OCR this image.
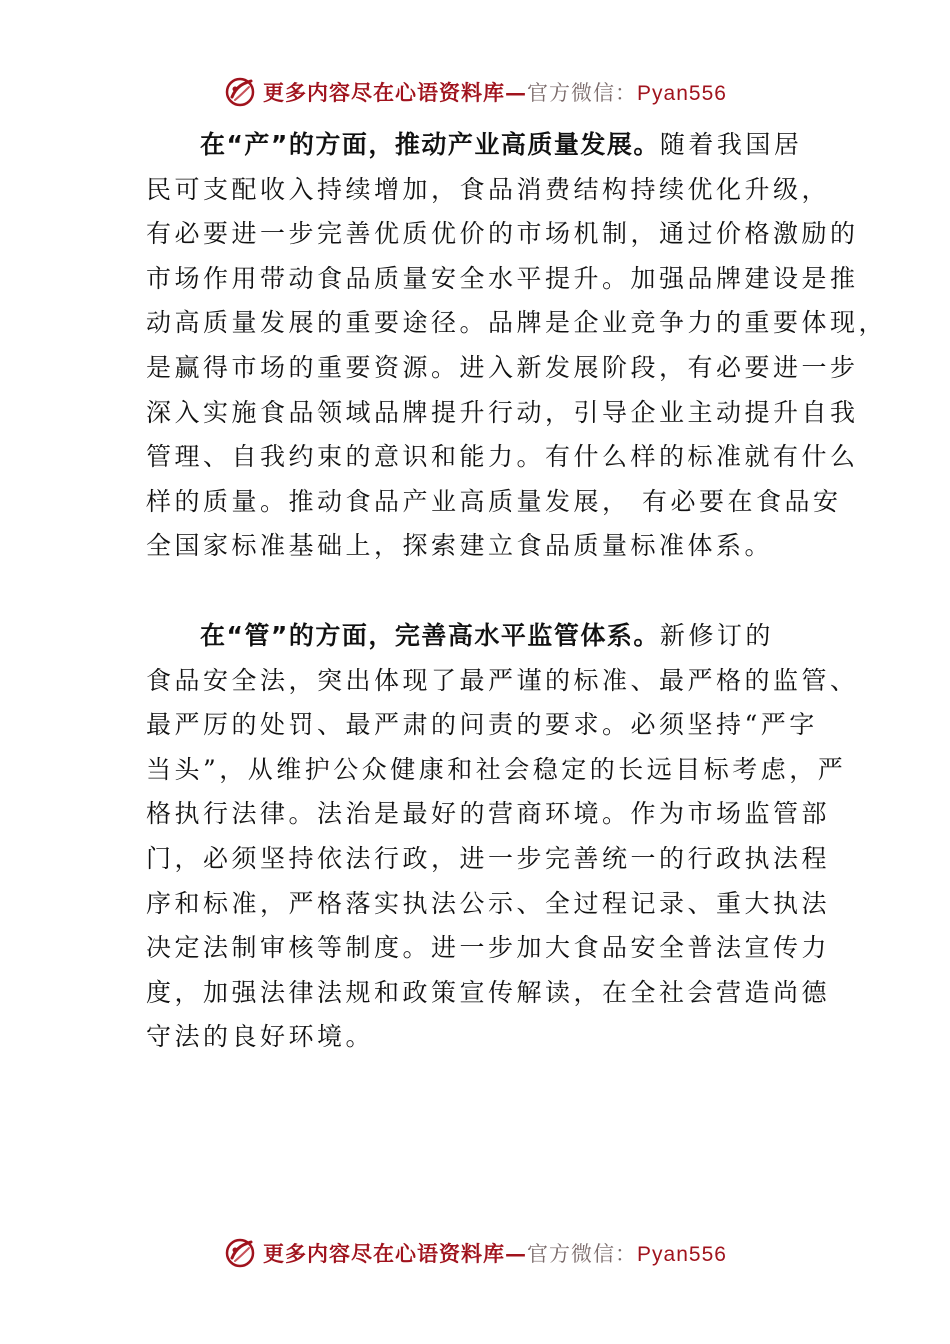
更多内容尽在心语资料库—官方微信：Pyan556

在“产”的方面，推动产业高质量发展。随着我国居
民可支配收入持续增加，食品消费结构持续优化升级，
有必要进一步完善优质优价的市场机制，通过价格激励的
市场作用带动食品质量安全水平提升。加强品牌建设是推
动高质量发展的重要途径。品牌是企业竞争力的重要体现，
是赢得市场的重要资源。进入新发展阶段，有必要进一步
深入实施食品领域品牌提升行动，引导企业主动提升自我
管理、自我约束的意识和能力。有什么样的标准就有什么
样的质量。推动食品产业高质量发展， 有必要在食品安
全国家标准基础上，探索建立食品质量标准体系。

在“管”的方面，完善高水平监管体系。新修订的
食品安全法，突出体现了最严谨的标准、最严格的监管、
最严厉的处罚、最严肃的问责的要求。必须坚持“严字
当头”，从维护公众健康和社会稳定的长远目标考虑，严
格执行法律。法治是最好的营商环境。作为市场监管部
门，必须坚持依法行政，进一步完善统一的行政执法程
序和标准，严格落实执法公示、全过程记录、重大执法
决定法制审核等制度。进一步加大食品安全普法宣传力
度，加强法律法规和政策宣传解读，在全社会营造尚德
守法的良好环境。

更多内容尽在心语资料库—官方微信：Pyan556
